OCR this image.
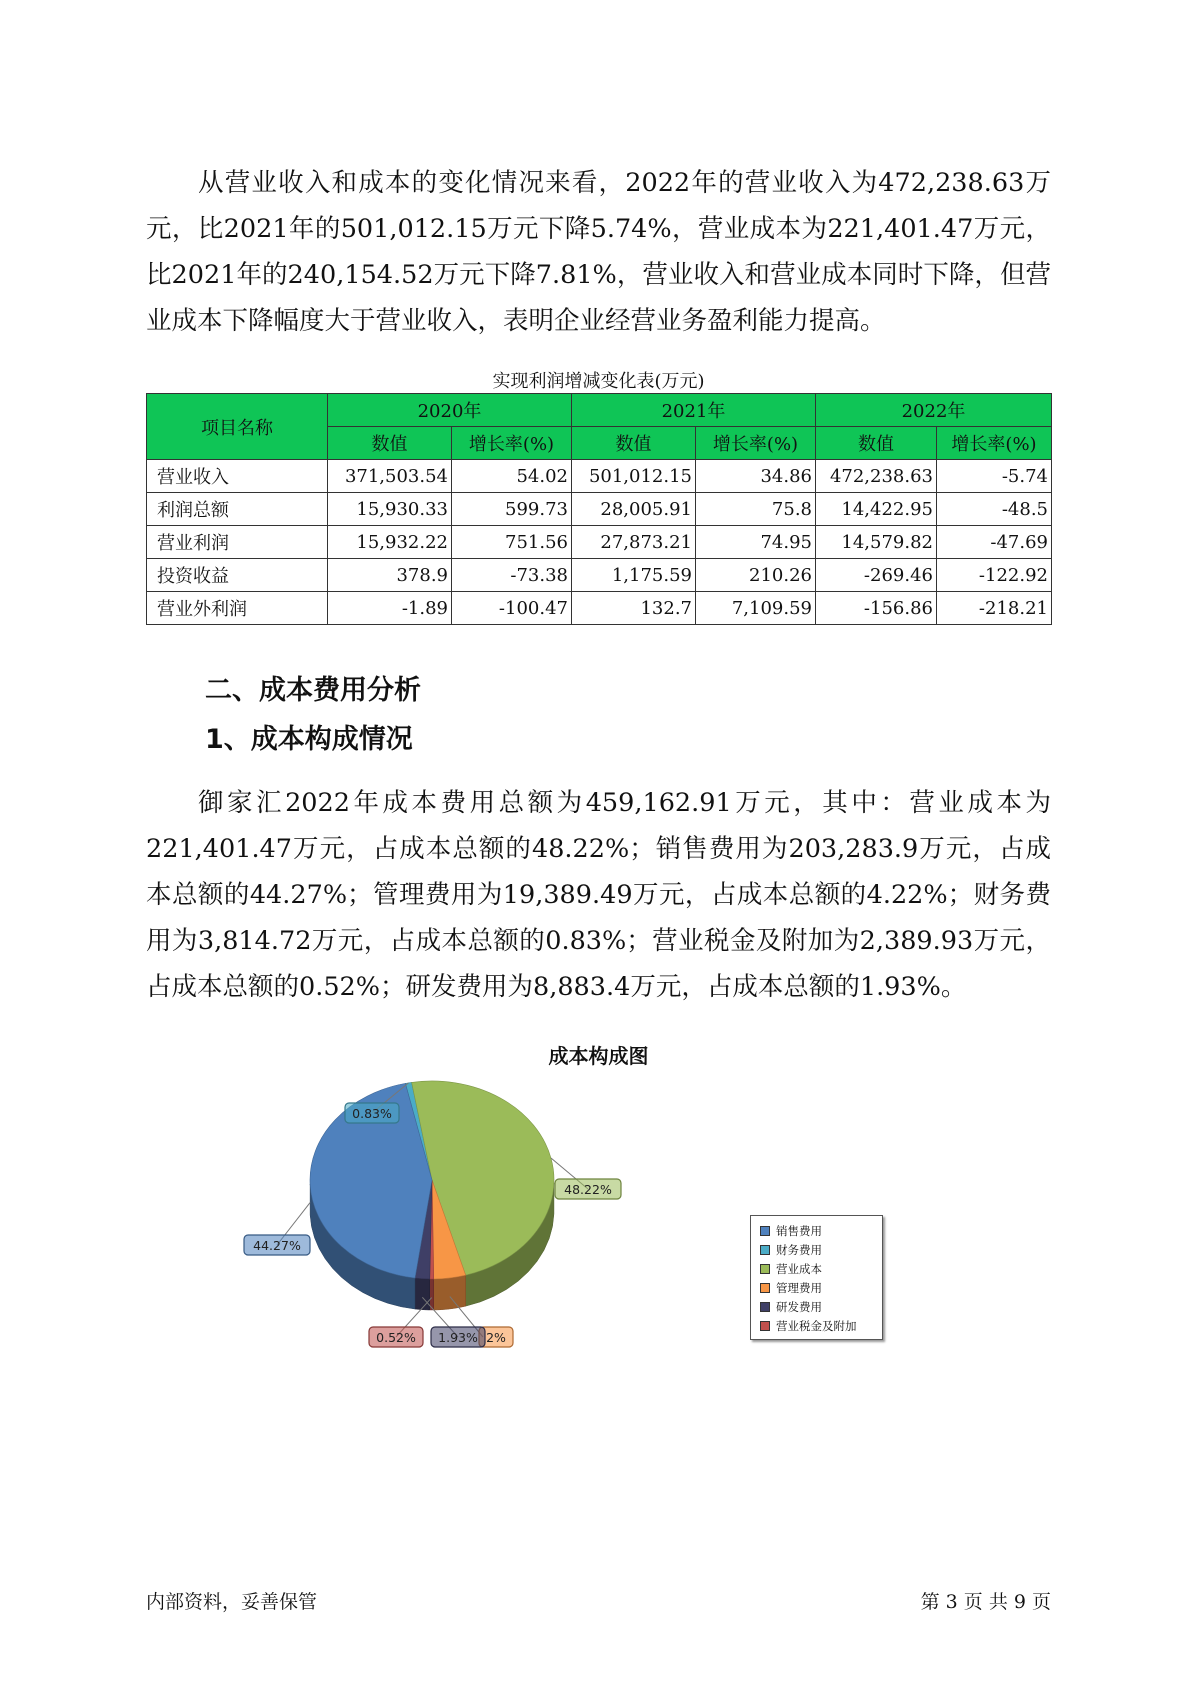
从营业收入和成本的变化情况来看，2022年的营业收入为472,238.63万元，比2021年的501,012.15万元下降5.74%，营业成本为221,401.47万元，比2021年的240,154.52万元下降7.81%，营业收入和营业成本同时下降，但营业成本下降幅度大于营业收入，表明企业经营业务盈利能力提高。

实现利润增减变化表(万元)
项目名称	2020年		2021年		2022年	
	数值	增长率(%)	数值	增长率(%)	数值	增长率(%)
营业收入	371,503.54	54.02	501,012.15	34.86	472,238.63	-5.74
利润总额	15,930.33	599.73	28,005.91	75.8	14,422.95	-48.5
营业利润	15,932.22	751.56	27,873.21	74.95	14,579.82	-47.69
投资收益	378.9	-73.38	1,175.59	210.26	-269.46	-122.92
营业外利润	-1.89	-100.47	132.7	7,109.59	-156.86	-218.21
二、成本费用分析
1、成本构成情况

御家汇2022年成本费用总额为459,162.91万元，其中：营业成本为221,401.47万元，占成本总额的48.22%；销售费用为203,283.9万元，占成本总额的44.27%；管理费用为19,389.49万元，占成本总额的4.22%；财务费用为3,814.72万元，占成本总额的0.83%；营业税金及附加为2,389.93万元，占成本总额的0.52%；研发费用为8,883.4万元，占成本总额的1.93%。

成本构成图
44.27%
0.83%
48.22%
2%
0.52% 1.93%
销售费用
财务费用
营业成本
管理费用
研发费用
营业税金及附加
内部资料，妥善保管	第 3 页 共 9 页
